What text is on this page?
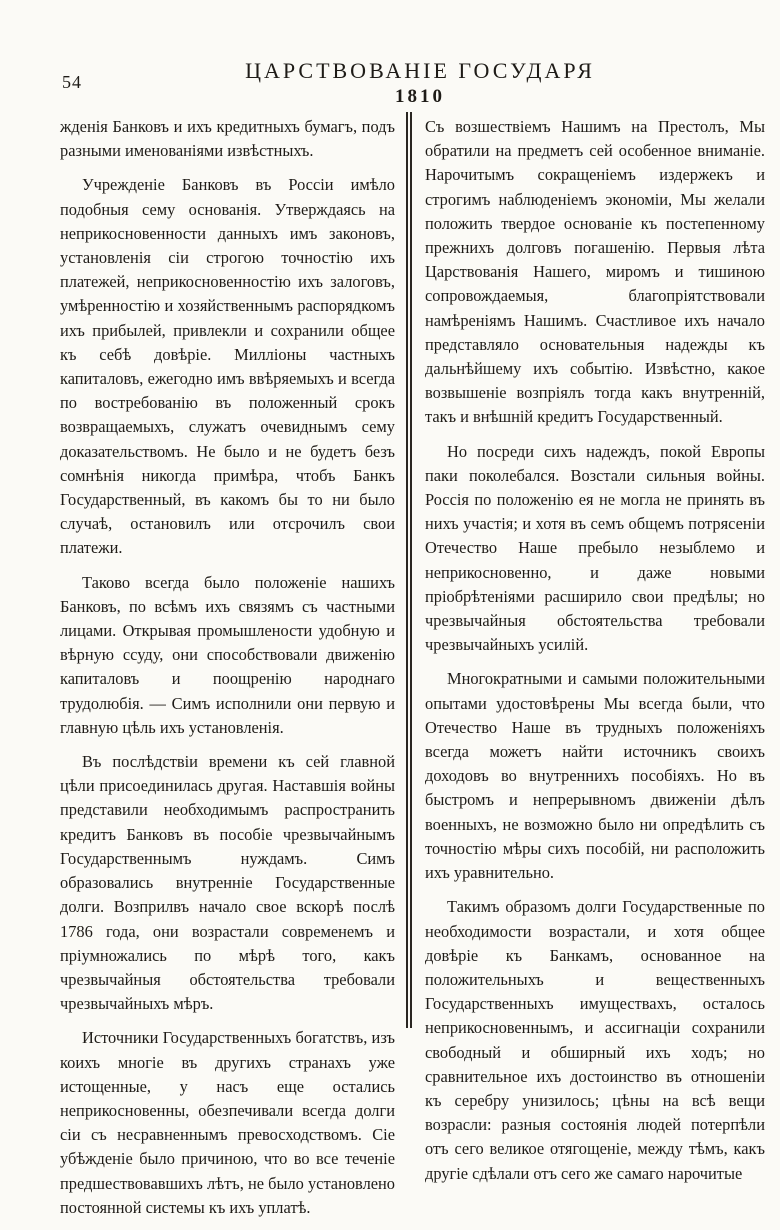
54	ЦАРСТВОВАНІЕ ГОСУДАРЯ
1810

жденія Банковъ и ихъ кредитныхъ бумагъ, подъ разными именованіями извѣстныхъ.

Учрежденіе Банковъ въ Россіи имѣло подобныя сему основанія. Утверждаясь на неприкосновенности данныхъ имъ законовъ, установленія сіи строгою точностію ихъ платежей, неприкосновенностію ихъ залоговъ, умѣренностію и хозяйственнымъ распорядкомъ ихъ прибылей, привлекли и сохранили общее къ себѣ довѣріе. Милліоны частныхъ капиталовъ, ежегодно имъ ввѣряемыхъ и всегда по востребованію въ положенный срокъ возвращаемыхъ, служатъ очевиднымъ сему доказательствомъ. Не было и не будетъ безъ сомнѣнія никогда примѣра, чтобъ Банкъ Государственный, въ какомъ бы то ни было случаѣ, остановилъ или отсрочилъ свои платежи.

Таково всегда было положеніе нашихъ Банковъ, по всѣмъ ихъ связямъ съ частными лицами. Открывая промышлености удобную и вѣрную ссуду, они способствовали движенію капиталовъ и поощренію народнаго трудолюбія. — Симъ исполнили они первую и главную цѣль ихъ установленія.

Въ послѣдствіи времени къ сей главной цѣли присоединилась другая. Наставшія войны представили необходимымъ распространить кредитъ Банковъ въ пособіе чрезвычайнымъ Государственнымъ нуждамъ. Симъ образовались внутренніе Государственные долги. Возприлвъ начало свое вскорѣ послѣ 1786 года, они возрастали современемъ и пріумножались по мѣрѣ того, какъ чрезвычайныя обстоятельства требовали чрезвычайныхъ мѣръ.

Источники Государственныхъ богатствъ, изъ коихъ многіе въ другихъ странахъ уже истощенные, у насъ еще остались неприкосновенны, обезпечивали всегда долги сіи съ несравненнымъ превосходствомъ. Сіе убѣжденіе было причиною, что во все теченіе предшествовавшихъ лѣтъ, не было установлено постоянной системы къ ихъ уплатѣ.

Съ возшествіемъ Нашимъ на Престолъ, Мы обратили на предметъ сей особенное вниманіе. Нарочитымъ сокращеніемъ издержекъ и строгимъ наблюденіемъ экономіи, Мы желали положить твердое основаніе къ постепенному прежнихъ долговъ погашенію. Первыя лѣта Царствованія Нашего, миромъ и тишиною сопровождаемыя, благопріятствовали намѣреніямъ Нашимъ. Счастливое ихъ начало представляло основательныя надежды къ дальнѣйшему ихъ событію. Извѣстно, какое возвышеніе возпріялъ тогда какъ внутренній, такъ и внѣшній кредитъ Государственный.

Но посреди сихъ надеждъ, покой Европы паки поколебался. Возстали сильныя войны. Россія по положенію ея не могла не принять въ нихъ участія; и хотя въ семъ общемъ потрясеніи Отечество Наше пребыло незыблемо и неприкосновенно, и даже новыми пріобрѣтеніями расширило свои предѣлы; но чрезвычайныя обстоятельства требовали чрезвычайныхъ усилій.

Многократными и самыми положительными опытами удостовѣрены Мы всегда были, что Отечество Наше въ трудныхъ положеніяхъ всегда можетъ найти источникъ своихъ доходовъ во внутреннихъ пособіяхъ. Но въ быстромъ и непрерывномъ движеніи дѣлъ военныхъ, не возможно было ни опредѣлить съ точностію мѣры сихъ пособій, ни расположить ихъ уравнительно.

Такимъ образомъ долги Государственные по необходимости возрастали, и хотя общее довѣріе къ Банкамъ, основанное на положительныхъ и вещественныхъ Государственныхъ имуществахъ, осталось неприкосновеннымъ, и ассигнаціи сохранили свободный и обширный ихъ ходъ; но сравнительное ихъ достоинство въ отношеніи къ серебру унизилось; цѣны на всѣ вещи возрасли: разныя состоянія людей потерпѣли отъ сего великое отягощеніе, между тѣмъ, какъ другіе сдѣлали отъ сего же самаго нарочитые
